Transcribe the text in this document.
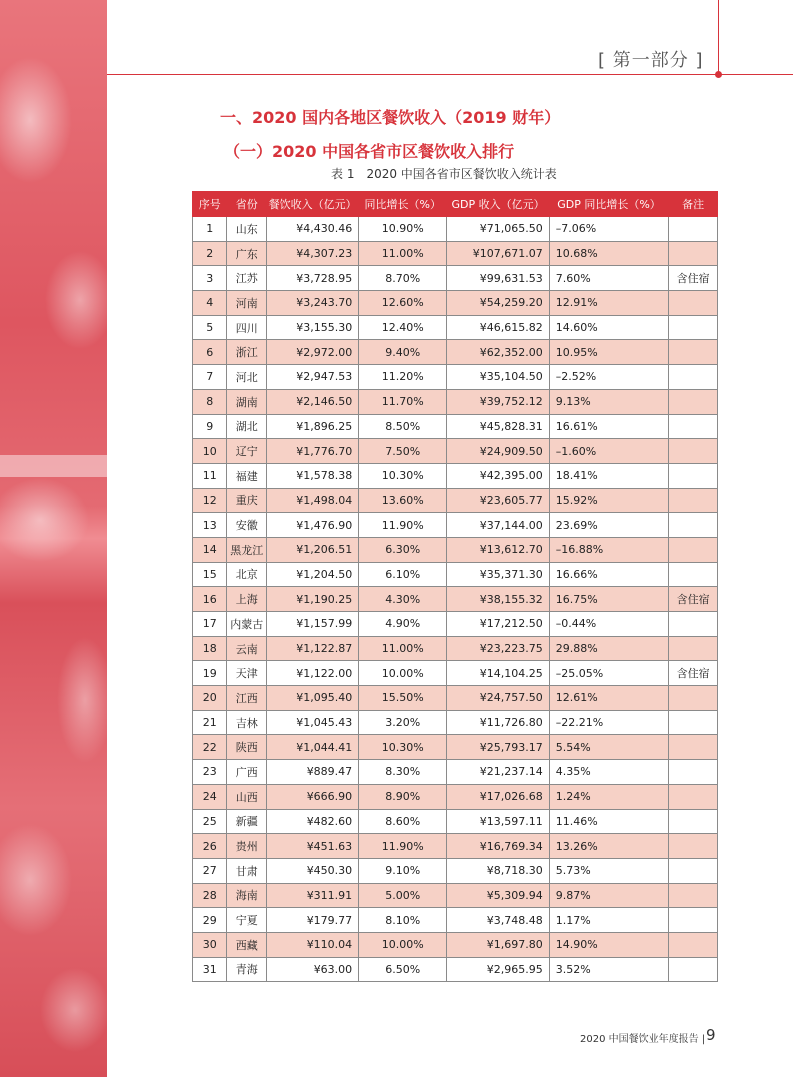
[ 第一部分 ]
一、2020 国内各地区餐饮收入（2019 财年）
（一）2020 中国各省市区餐饮收入排行
表 1　2020 中国各省市区餐饮收入统计表
序号	省份	餐饮收入（亿元）	同比增长（%）	GDP 收入（亿元）	GDP 同比增长（%）	备注
1	山东	¥4,430.46	10.90%	¥71,065.50	–7.06%	
2	广东	¥4,307.23	11.00%	¥107,671.07	10.68%	
3	江苏	¥3,728.95	8.70%	¥99,631.53	7.60%	含住宿
4	河南	¥3,243.70	12.60%	¥54,259.20	12.91%	
5	四川	¥3,155.30	12.40%	¥46,615.82	14.60%	
6	浙江	¥2,972.00	9.40%	¥62,352.00	10.95%	
7	河北	¥2,947.53	11.20%	¥35,104.50	–2.52%	
8	湖南	¥2,146.50	11.70%	¥39,752.12	9.13%	
9	湖北	¥1,896.25	8.50%	¥45,828.31	16.61%	
10	辽宁	¥1,776.70	7.50%	¥24,909.50	–1.60%	
11	福建	¥1,578.38	10.30%	¥42,395.00	18.41%	
12	重庆	¥1,498.04	13.60%	¥23,605.77	15.92%	
13	安徽	¥1,476.90	11.90%	¥37,144.00	23.69%	
14	黑龙江	¥1,206.51	6.30%	¥13,612.70	–16.88%	
15	北京	¥1,204.50	6.10%	¥35,371.30	16.66%	
16	上海	¥1,190.25	4.30%	¥38,155.32	16.75%	含住宿
17	内蒙古	¥1,157.99	4.90%	¥17,212.50	–0.44%	
18	云南	¥1,122.87	11.00%	¥23,223.75	29.88%	
19	天津	¥1,122.00	10.00%	¥14,104.25	–25.05%	含住宿
20	江西	¥1,095.40	15.50%	¥24,757.50	12.61%	
21	吉林	¥1,045.43	3.20%	¥11,726.80	–22.21%	
22	陕西	¥1,044.41	10.30%	¥25,793.17	5.54%	
23	广西	¥889.47	8.30%	¥21,237.14	4.35%	
24	山西	¥666.90	8.90%	¥17,026.68	1.24%	
25	新疆	¥482.60	8.60%	¥13,597.11	11.46%	
26	贵州	¥451.63	11.90%	¥16,769.34	13.26%	
27	甘肃	¥450.30	9.10%	¥8,718.30	5.73%	
28	海南	¥311.91	5.00%	¥5,309.94	9.87%	
29	宁夏	¥179.77	8.10%	¥3,748.48	1.17%	
30	西藏	¥110.04	10.00%	¥1,697.80	14.90%	
31	青海	¥63.00	6.50%	¥2,965.95	3.52%	
2020 中国餐饮业年度报告 | 9
